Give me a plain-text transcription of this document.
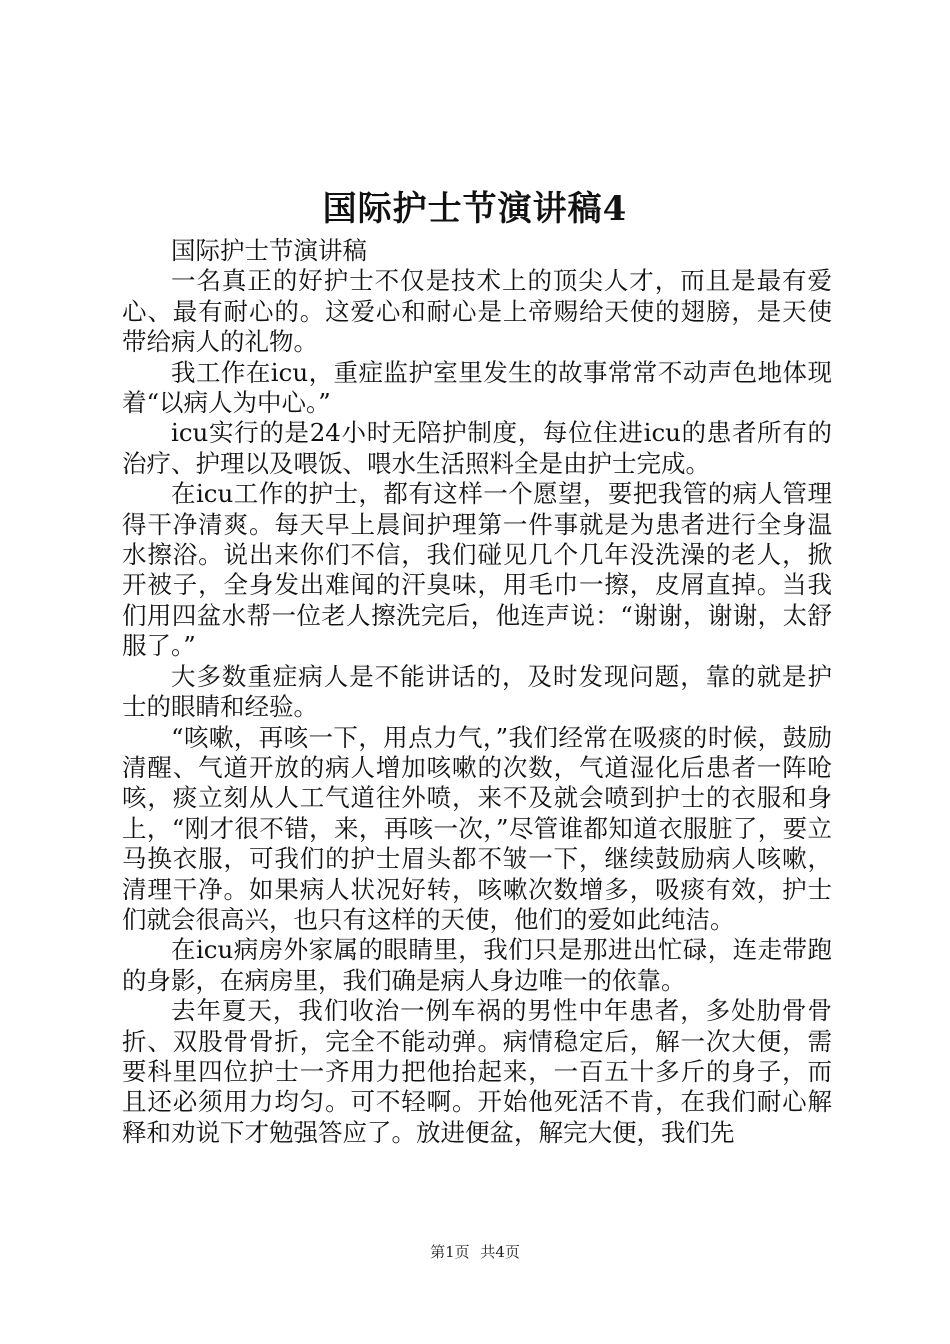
国际护士节演讲稿4

国际护士节演讲稿

一名真正的好护士不仅是技术上的顶尖人才，而且是最有爱心、最有耐心的。这爱心和耐心是上帝赐给天使的翅膀，是天使带给病人的礼物。

我工作在icu，重症监护室里发生的故事常常不动声色地体现着“以病人为中心。”

icu实行的是24小时无陪护制度，每位住进icu的患者所有的治疗、护理以及喂饭、喂水生活照料全是由护士完成。

在icu工作的护士，都有这样一个愿望，要把我管的病人管理得干净清爽。每天早上晨间护理第一件事就是为患者进行全身温水擦浴。说出来你们不信，我们碰见几个几年没洗澡的老人，掀开被子，全身发出难闻的汗臭味，用毛巾一擦，皮屑直掉。当我们用四盆水帮一位老人擦洗完后，他连声说：“谢谢，谢谢，太舒服了。”

大多数重症病人是不能讲话的，及时发现问题，靠的就是护士的眼睛和经验。

“咳嗽，再咳一下，用点力气，”我们经常在吸痰的时候，鼓励清醒、气道开放的病人增加咳嗽的次数，气道湿化后患者一阵呛咳，痰立刻从人工气道往外喷，来不及就会喷到护士的衣服和身上，“刚才很不错，来，再咳一次，”尽管谁都知道衣服脏了，要立马换衣服，可我们的护士眉头都不皱一下，继续鼓励病人咳嗽，清理干净。如果病人状况好转，咳嗽次数增多，吸痰有效，护士们就会很高兴，也只有这样的天使，他们的爱如此纯洁。

在icu病房外家属的眼睛里，我们只是那进出忙碌，连走带跑的身影，在病房里，我们确是病人身边唯一的依靠。

去年夏天，我们收治一例车祸的男性中年患者，多处肋骨骨折、双股骨骨折，完全不能动弹。病情稳定后，解一次大便，需要科里四位护士一齐用力把他抬起来，一百五十多斤的身子，而且还必须用力均匀。可不轻啊。开始他死活不肯，在我们耐心解释和劝说下才勉强答应了。放进便盆，解完大便，我们先

第1页 共4页
